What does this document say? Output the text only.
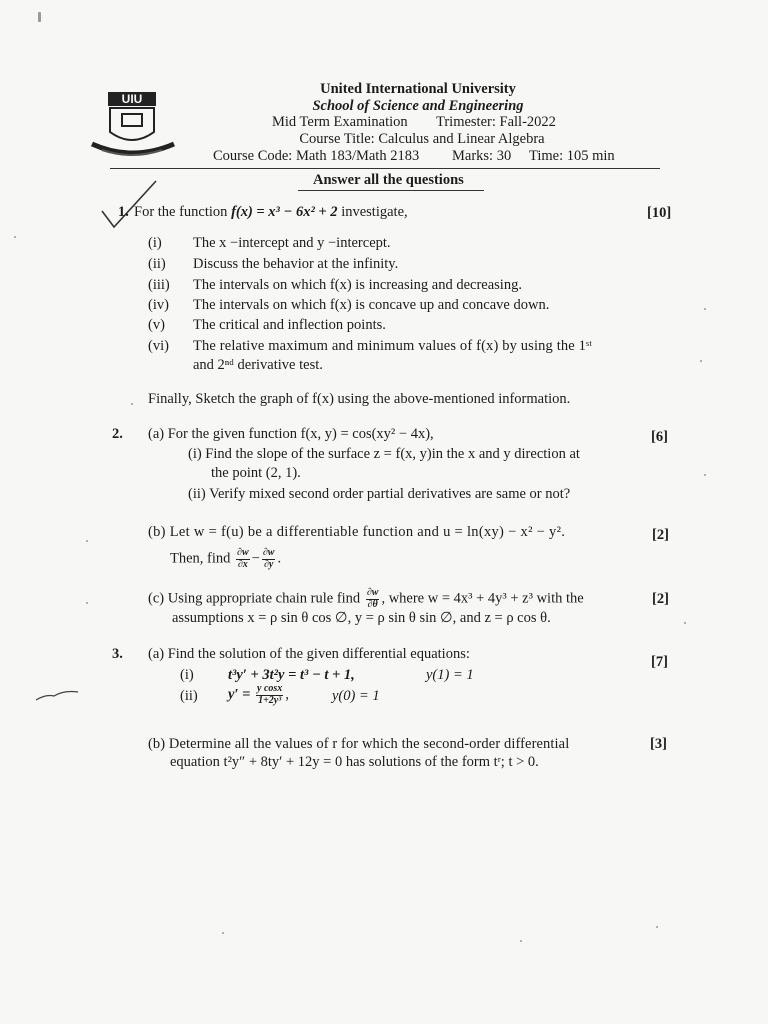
UIU
United International University
School of Science and Engineering
Mid Term Examination Trimester: Fall-2022
Course Title: Calculus and Linear Algebra
Course Code: Math 183/Math 2183 Marks: 30 Time: 105 min
Answer all the questions
1. For the function f(x) = x³ − 6x² + 2 investigate,	[10]
(i) The x −intercept and y −intercept.
(ii) Discuss the behavior at the infinity.
(iii) The intervals on which f(x) is increasing and decreasing.
(iv) The intervals on which f(x) is concave up and concave down.
(v) The critical and inflection points.
(vi) The relative maximum and minimum values of f(x) by using the 1ˢᵗ
and 2ⁿᵈ derivative test.
Finally, Sketch the graph of f(x) using the above-mentioned information.
2. (a) For the given function f(x, y) = cos(xy² − 4x),	[6]
(i) Find the slope of the surface z = f(x, y)in the x and y direction at
the point (2, 1).
(ii) Verify mixed second order partial derivatives are same or not?
(b) Let w = f(u) be a differentiable function and u = ln(xy) − x² − y².	[2]
Then, find $\frac{\partial w}{\partial x} - \frac{\partial w}{\partial y}$ .
(c) Using appropriate chain rule find $\frac{\partial w}{\partial\theta}$ , where w = 4x³ + 4y³ + z³ with the	[2]
assumptions x = ρ sin θ cos ∅, y = ρ sin θ sin ∅, and z = ρ cos θ.
3. (a) Find the solution of the given differential equations:	[7]
(i) t³y′ + 3t²y = t³ − t + 1,	y(1) = 1
(ii) $y' = \frac{\text{y cosx}}{\text{1+2y³}}$ ,	y(0) = 1
(b) Determine all the values of r for which the second-order differential	[3]
equation t²y″ + 8ty′ + 12y = 0 has solutions of the form tʳ; t > 0.
